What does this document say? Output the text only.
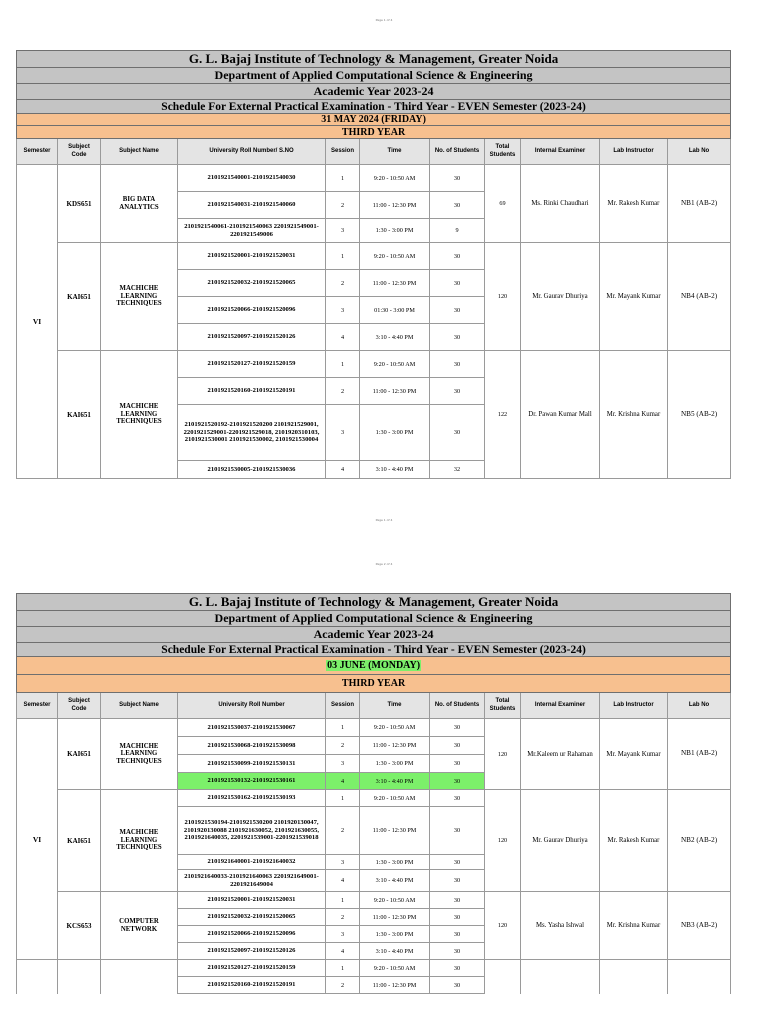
Page 1 of 4
G. L. Bajaj Institute of Technology & Management, Greater Noida										
Department of Applied Computational Science & Engineering										
Academic Year 2023-24										
Schedule For External Practical Examination - Third Year - EVEN Semester (2023-24)										
31 MAY 2024 (FRIDAY)										
THIRD YEAR										
Semester	Subject Code	Subject Name	University Roll Number/ S.NO	Session	Time	No. of Students	Total Students	Internal Examiner	Lab Instructor	Lab No
VI	KDS651	BIG DATA ANALYTICS	2101921540001-2101921540030	1	9:20 - 10:50 AM	30	69	Ms. Rinki Chaudhari	Mr. Rakesh Kumar	NB1 (AB-2)
			2101921540031-2101921540060	2	11:00 - 12:30 PM	30				
			2101921540061-2101921540063 2201921549001-2201921549006	3	1:30 - 3:00 PM	9				
	KAI651	MACHICHE LEARNING TECHNIQUES	2101921520001-2101921520031	1	9:20 - 10:50 AM	30	120	Mr. Gaurav Dhuriya	Mr. Mayank Kumar	NB4 (AB-2)
			2101921520032-2101921520065	2	11:00 - 12:30 PM	30				
			2101921520066-2101921520096	3	01:30 - 3:00 PM	30				
			2101921520097-2101921520126	4	3:10 - 4:40 PM	30				
	KAI651	MACHICHE LEARNING TECHNIQUES	2101921520127-2101921520159	1	9:20 - 10:50 AM	30	122	Dr. Pawan Kumar Mall	Mr. Krishna Kumar	NB5 (AB-2)
			2101921520160-2101921520191	2	11:00 - 12:30 PM	30				
			2101921520192-2101921520200 2101921529001, 2201921529001-2201921529018, 2101920310103, 2101921530001 2101921530002, 2101921530004	3	1:30 - 3:00 PM	30				
			2101921530005-2101921530036	4	3:10 - 4:40 PM	32				
Page 1 of 4
Page 2 of 4
G. L. Bajaj Institute of Technology & Management, Greater Noida										
Department of Applied Computational Science & Engineering										
Academic Year 2023-24										
Schedule For External Practical Examination - Third Year - EVEN Semester (2023-24)										
03 JUNE (MONDAY)										
THIRD YEAR										
Semester	Subject Code	Subject Name	University Roll Number	Session	Time	No. of Students	Total Students	Internal Examiner	Lab Instructor	Lab No
VI	KAI651	MACHICHE LEARNING TECHNIQUES	2101921530037-2101921530067	1	9:20 - 10:50 AM	30	120	Mr.Kaleem ur Rahaman	Mr. Mayank Kumar	NB1 (AB-2)
			2101921530068-2101921530098	2	11:00 - 12:30 PM	30				
			2101921530099-2101921530131	3	1:30 - 3:00 PM	30				
			2101921530132-2101921530161	4	3:10 - 4:40 PM	30				
	KAI651	MACHICHE LEARNING TECHNIQUES	2101921530162-2101921530193	1	9:20 - 10:50 AM	30	120	Mr. Gaurav Dhuriya	Mr. Rakesh Kumar	NB2 (AB-2)
			2101921530194-2101921530200 2101920130047, 2101920130088 2101921630052, 2101921630055, 2101921640035, 2201921539001-2201921539018	2	11:00 - 12:30 PM	30				
			2101921640001-2101921640032	3	1:30 - 3:00 PM	30				
			2101921640033-2101921640063 2201921649001-2201921649004	4	3:10 - 4:40 PM	30				
	KCS653	COMPUTER NETWORK	2101921520001-2101921520031	1	9:20 - 10:50 AM	30	120	Ms. Yasha Ishwal	Mr. Krishna Kumar	NB3 (AB-2)
			2101921520032-2101921520065	2	11:00 - 12:30 PM	30				
			2101921520066-2101921520096	3	1:30 - 3:00 PM	30				
			2101921520097-2101921520126	4	3:10 - 4:40 PM	30				
			2101921520127-2101921520159	1	9:20 - 10:50 AM	30				
			2101921520160-2101921520191	2	11:00 - 12:30 PM	30				
